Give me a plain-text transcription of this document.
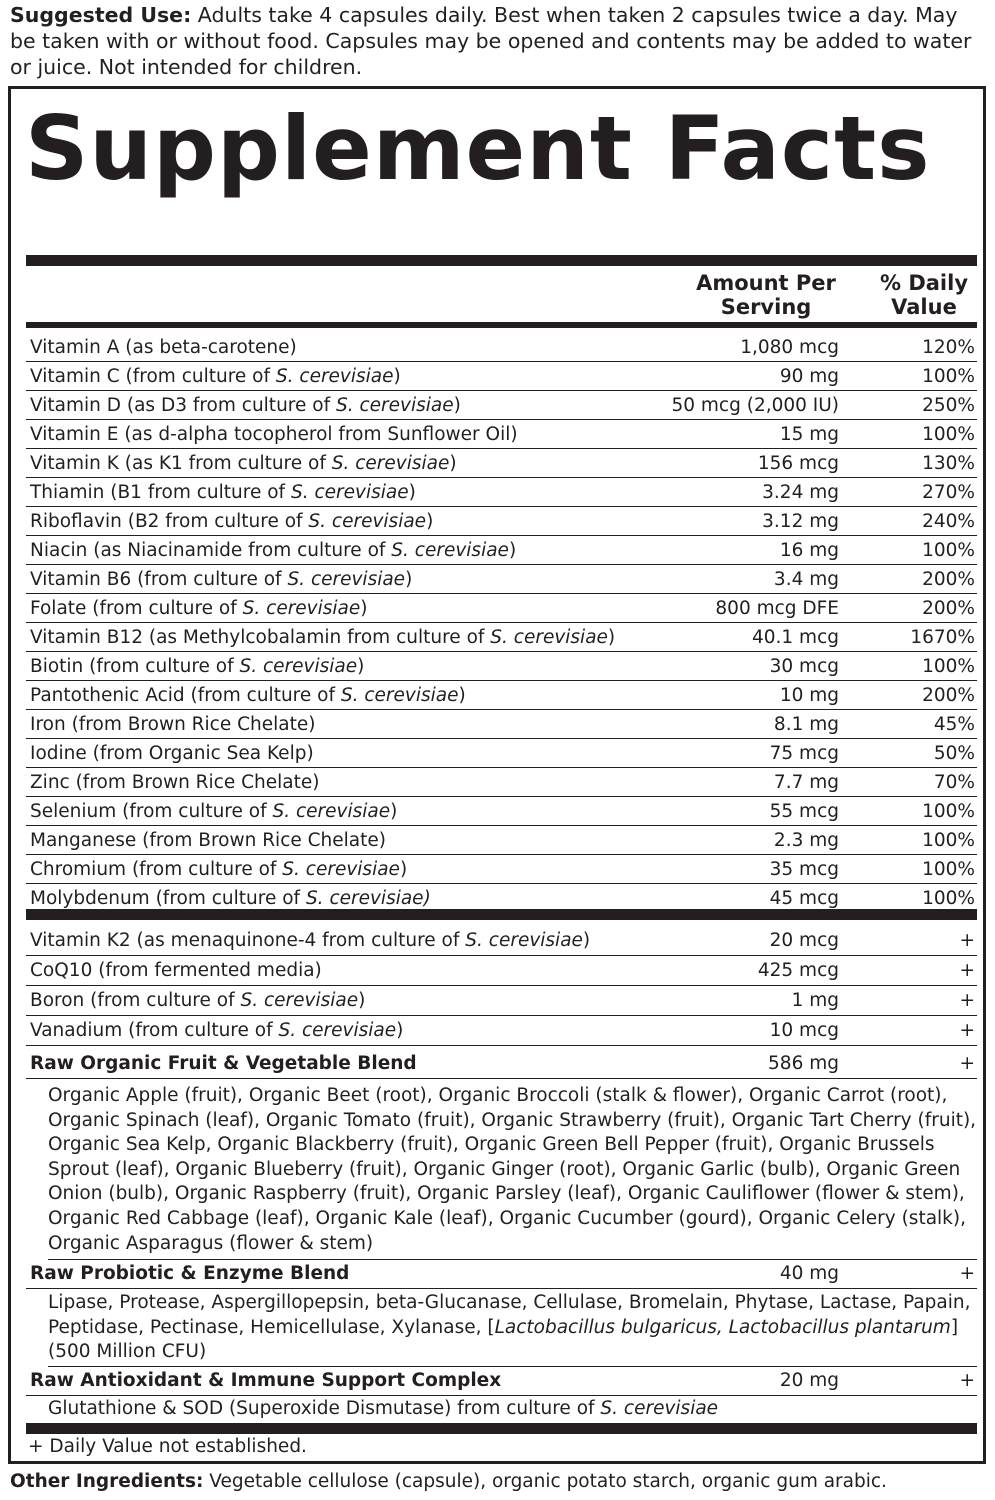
Suggested Use: Adults take 4 capsules daily. Best when taken 2 capsules twice a day. May be taken with or without food. Capsules may be opened and contents may be added to water or juice. Not intended for children.

Supplement Facts
Amount Per Serving
% Daily Value
Vitamin A (as beta-carotene)	1,080 mcg	120%
Vitamin C (from culture of S. cerevisiae)	90 mg	100%
Vitamin D (as D3 from culture of S. cerevisiae)	50 mcg (2,000 IU)	250%
Vitamin E (as d-alpha tocopherol from Sunflower Oil)	15 mg	100%
Vitamin K (as K1 from culture of S. cerevisiae)	156 mcg	130%
Thiamin (B1 from culture of S. cerevisiae)	3.24 mg	270%
Riboflavin (B2 from culture of S. cerevisiae)	3.12 mg	240%
Niacin (as Niacinamide from culture of S. cerevisiae)	16 mg	100%
Vitamin B6 (from culture of S. cerevisiae)	3.4 mg	200%
Folate (from culture of S. cerevisiae)	800 mcg DFE	200%
Vitamin B12 (as Methylcobalamin from culture of S. cerevisiae)	40.1 mcg	1670%
Biotin (from culture of S. cerevisiae)	30 mcg	100%
Pantothenic Acid (from culture of S. cerevisiae)	10 mg	200%
Iron (from Brown Rice Chelate)	8.1 mg	45%
Iodine (from Organic Sea Kelp)	75 mcg	50%
Zinc (from Brown Rice Chelate)	7.7 mg	70%
Selenium (from culture of S. cerevisiae)	55 mcg	100%
Manganese (from Brown Rice Chelate)	2.3 mg	100%
Chromium (from culture of S. cerevisiae)	35 mcg	100%
Molybdenum (from culture of S. cerevisiae)	45 mcg	100%
Vitamin K2 (as menaquinone-4 from culture of S. cerevisiae)	20 mcg	+
CoQ10 (from fermented media)	425 mcg	+
Boron (from culture of S. cerevisiae)	1 mg	+
Vanadium (from culture of S. cerevisiae)	10 mcg	+
Raw Organic Fruit & Vegetable Blend	586 mg	+
Organic Apple (fruit), Organic Beet (root), Organic Broccoli (stalk & flower), Organic Carrot (root), Organic Spinach (leaf), Organic Tomato (fruit), Organic Strawberry (fruit), Organic Tart Cherry (fruit), Organic Sea Kelp, Organic Blackberry (fruit), Organic Green Bell Pepper (fruit), Organic Brussels Sprout (leaf), Organic Blueberry (fruit), Organic Ginger (root), Organic Garlic (bulb), Organic Green Onion (bulb), Organic Raspberry (fruit), Organic Parsley (leaf), Organic Cauliflower (flower & stem), Organic Red Cabbage (leaf), Organic Kale (leaf), Organic Cucumber (gourd), Organic Celery (stalk), Organic Asparagus (flower & stem)
Raw Probiotic & Enzyme Blend	40 mg	+
Lipase, Protease, Aspergillopepsin, beta-Glucanase, Cellulase, Bromelain, Phytase, Lactase, Papain, Peptidase, Pectinase, Hemicellulase, Xylanase, [Lactobacillus bulgaricus, Lactobacillus plantarum] (500 Million CFU)
Raw Antioxidant & Immune Support Complex	20 mg	+
Glutathione & SOD (Superoxide Dismutase) from culture of S. cerevisiae
+ Daily Value not established.

Other Ingredients: Vegetable cellulose (capsule), organic potato starch, organic gum arabic.
